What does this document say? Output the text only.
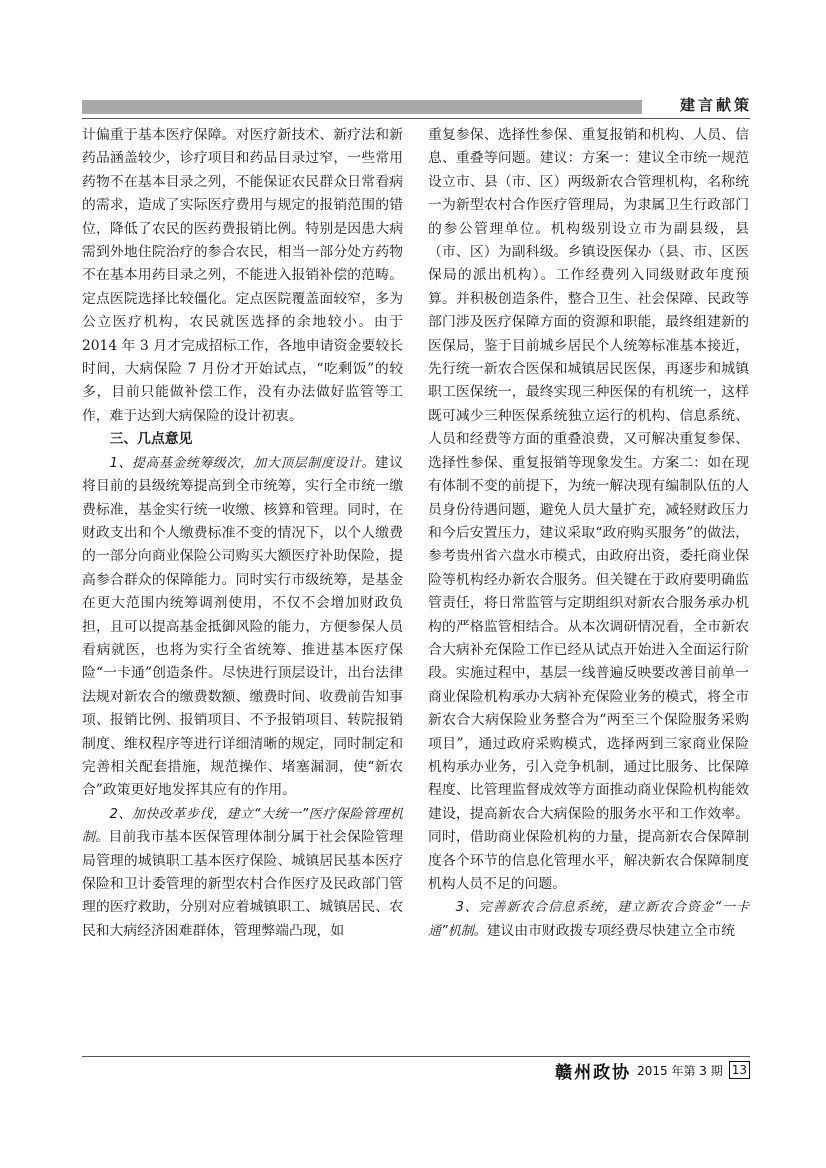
建言献策

计偏重于基本医疗保障。对医疗新技术、新疗法和新药品涵盖较少，诊疗项目和药品目录过窄，一些常用药物不在基本目录之列，不能保证农民群众日常看病的需求，造成了实际医疗费用与规定的报销范围的错位，降低了农民的医药费报销比例。特别是因患大病需到外地住院治疗的参合农民，相当一部分处方药物不在基本用药目录之列，不能进入报销补偿的范畴。定点医院选择比较僵化。定点医院覆盖面较窄，多为公立医疗机构，农民就医选择的余地较小。由于 2014 年 3 月才完成招标工作，各地申请资金要较长时间，大病保险 7 月份才开始试点，“吃剩饭”的较多，目前只能做补偿工作，没有办法做好监管等工作，难于达到大病保险的设计初衷。

三、几点意见

1、提高基金统筹级次，加大顶层制度设计。建议将目前的县级统筹提高到全市统筹，实行全市统一缴费标准，基金实行统一收缴、核算和管理。同时，在财政支出和个人缴费标准不变的情况下，以个人缴费的一部分向商业保险公司购买大额医疗补助保险，提高参合群众的保障能力。同时实行市级统筹，是基金在更大范围内统筹调剂使用，不仅不会增加财政负担，且可以提高基金抵御风险的能力，方便参保人员看病就医，也将为实行全省统筹、推进基本医疗保险“一卡通”创造条件。尽快进行顶层设计，出台法律法规对新农合的缴费数额、缴费时间、收费前告知事项、报销比例、报销项目、不予报销项目、转院报销制度、维权程序等进行详细清晰的规定，同时制定和完善相关配套措施，规范操作、堵塞漏洞，使“新农合”政策更好地发挥其应有的作用。

2、加快改革步伐，建立“大统一”医疗保险管理机制。目前我市基本医保管理体制分属于社会保险管理局管理的城镇职工基本医疗保险、城镇居民基本医疗保险和卫计委管理的新型农村合作医疗及民政部门管理的医疗救助，分别对应着城镇职工、城镇居民、农民和大病经济困难群体，管理弊端凸现，如

重复参保、选择性参保、重复报销和机构、人员、信息、重叠等问题。建议：方案一：建议全市统一规范设立市、县（市、区）两级新农合管理机构，名称统一为新型农村合作医疗管理局，为隶属卫生行政部门的参公管理单位。机构级别设立市为副县级，县（市、区）为副科级。乡镇设医保办（县、市、区医保局的派出机构）。工作经费列入同级财政年度预算。并积极创造条件，整合卫生、社会保障、民政等部门涉及医疗保障方面的资源和职能，最终组建新的医保局，鉴于目前城乡居民个人统筹标准基本接近，先行统一新农合医保和城镇居民医保，再逐步和城镇职工医保统一，最终实现三种医保的有机统一，这样既可减少三种医保系统独立运行的机构、信息系统、人员和经费等方面的重叠浪费，又可解决重复参保、选择性参保、重复报销等现象发生。方案二：如在现有体制不变的前提下，为统一解决现有编制队伍的人员身份待遇问题，避免人员大量扩充，减轻财政压力和今后安置压力，建议采取“政府购买服务”的做法，参考贵州省六盘水市模式，由政府出资，委托商业保险等机构经办新农合服务。但关键在于政府要明确监管责任，将日常监管与定期组织对新农合服务承办机构的严格监管相结合。从本次调研情况看，全市新农合大病补充保险工作已经从试点开始进入全面运行阶段。实施过程中，基层一线普遍反映要改善目前单一商业保险机构承办大病补充保险业务的模式，将全市新农合大病保险业务整合为“两至三个保险服务采购项目”，通过政府采购模式，选择两到三家商业保险机构承办业务，引入竞争机制，通过比服务、比保障程度、比管理监督成效等方面推动商业保险机构能效建设，提高新农合大病保险的服务水平和工作效率。同时，借助商业保险机构的力量，提高新农合保障制度各个环节的信息化管理水平，解决新农合保障制度机构人员不足的问题。

3、完善新农合信息系统，建立新农合资金“一卡通”机制。建议由市财政拨专项经费尽快建立全市统

赣州政协 2015 年第 3 期 13
